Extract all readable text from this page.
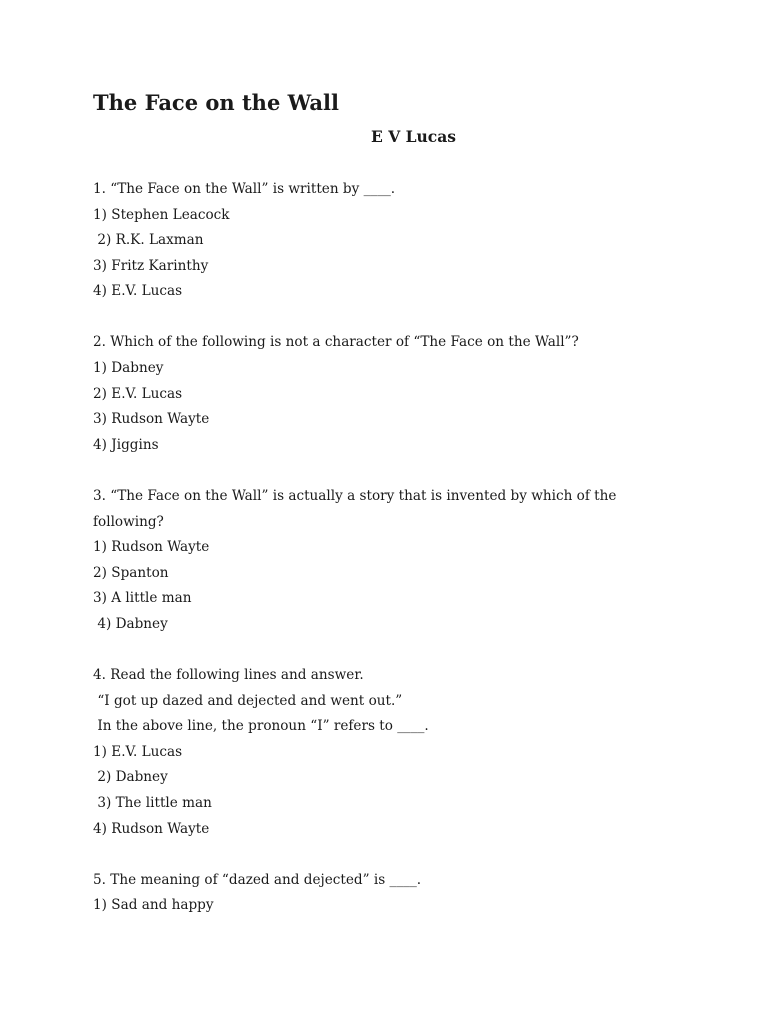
The Face on the Wall
E V Lucas

1. “The Face on the Wall” is written by ____.

1) Stephen Leacock

2) R.K. Laxman

3) Fritz Karinthy

4) E.V. Lucas

2. Which of the following is not a character of “The Face on the Wall”?

1) Dabney

2) E.V. Lucas

3) Rudson Wayte

4) Jiggins

3. “The Face on the Wall” is actually a story that is invented by which of the

following?

1) Rudson Wayte

2) Spanton

3) A little man

4) Dabney

4. Read the following lines and answer.

“I got up dazed and dejected and went out.”

In the above line, the pronoun “I” refers to ____.

1) E.V. Lucas

2) Dabney

3) The little man

4) Rudson Wayte

5. The meaning of “dazed and dejected” is ____.

1) Sad and happy
